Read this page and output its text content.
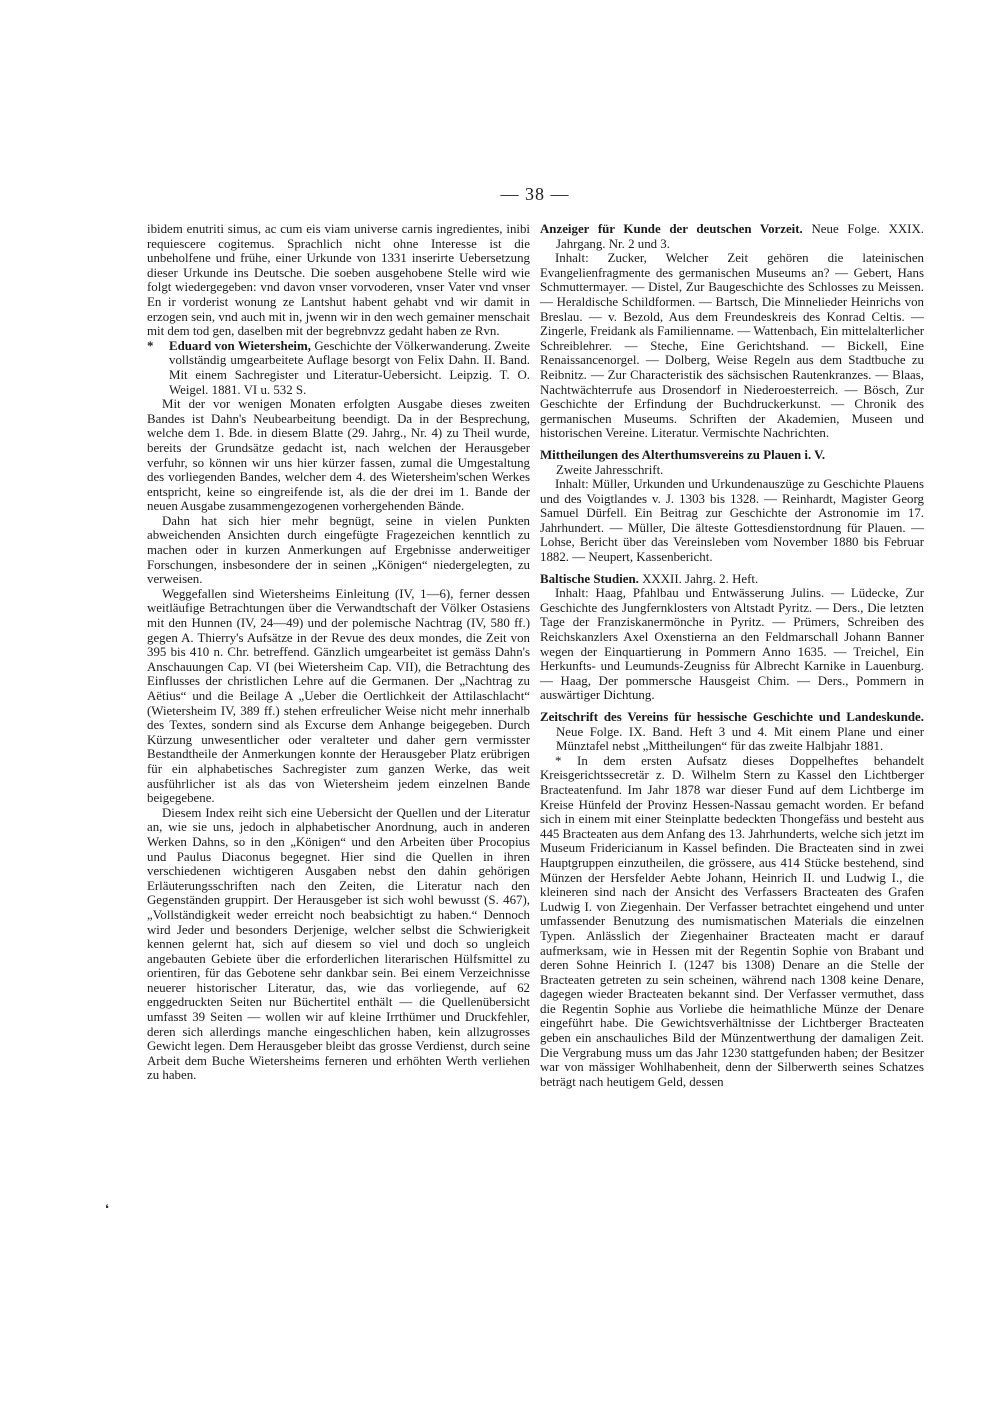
— 38 —

ibidem enutriti simus, ac cum eis viam universe carnis ingredientes, inibi requiescere cogitemus. Sprachlich nicht ohne Interesse ist die unbeholfene und frühe, einer Urkunde von 1331 inserirte Uebersetzung dieser Urkunde ins Deutsche. Die soeben ausgehobene Stelle wird wie folgt wiedergegeben: vnd davon vnser vorvoderen, vnser Vater vnd vnser En ir vorderist wonung ze Lantshut habent gehabt vnd wir damit in erzogen sein, vnd auch mit in, jwenn wir in den wech gemainer menschait mit dem tod gen, daselben mit der begrebnvzz gedaht haben ze Rvn.

* Eduard von Wietersheim, Geschichte der Völkerwanderung. Zweite vollständig umgearbeitete Auflage besorgt von Felix Dahn. II. Band. Mit einem Sachregister und Literatur-Uebersicht. Leipzig. T. O. Weigel. 1881. VI u. 532 S.

Mit der vor wenigen Monaten erfolgten Ausgabe dieses zweiten Bandes ist Dahn's Neubearbeitung beendigt. Da in der Besprechung, welche dem 1. Bde. in diesem Blatte (29. Jahrg., Nr. 4) zu Theil wurde, bereits der Grundsätze gedacht ist, nach welchen der Herausgeber verfuhr, so können wir uns hier kürzer fassen, zumal die Umgestaltung des vorliegenden Bandes, welcher dem 4. des Wietersheim'schen Werkes entspricht, keine so eingreifende ist, als die der drei im 1. Bande der neuen Ausgabe zusammengezogenen vorhergehenden Bände.

Dahn hat sich hier mehr begnügt, seine in vielen Punkten abweichenden Ansichten durch eingefügte Fragezeichen kenntlich zu machen oder in kurzen Anmerkungen auf Ergebnisse anderweitiger Forschungen, insbesondere der in seinen „Königen“ niedergelegten, zu verweisen.

Weggefallen sind Wietersheims Einleitung (IV, 1—6), ferner dessen weitläufige Betrachtungen über die Verwandtschaft der Völker Ostasiens mit den Hunnen (IV, 24—49) und der polemische Nachtrag (IV, 580 ff.) gegen A. Thierry's Aufsätze in der Revue des deux mondes, die Zeit von 395 bis 410 n. Chr. betreffend. Gänzlich umgearbeitet ist gemäss Dahn's Anschauungen Cap. VI (bei Wietersheim Cap. VII), die Betrachtung des Einflusses der christlichen Lehre auf die Germanen. Der „Nachtrag zu Aëtius“ und die Beilage A „Ueber die Oertlichkeit der Attilaschlacht“ (Wietersheim IV, 389 ff.) stehen erfreulicher Weise nicht mehr innerhalb des Textes, sondern sind als Excurse dem Anhange beigegeben. Durch Kürzung unwesentlicher oder veralteter und daher gern vermisster Bestandtheile der Anmerkungen konnte der Herausgeber Platz erübrigen für ein alphabetisches Sachregister zum ganzen Werke, das weit ausführlicher ist als das von Wietersheim jedem einzelnen Bande beigegebene.

Diesem Index reiht sich eine Uebersicht der Quellen und der Literatur an, wie sie uns, jedoch in alphabetischer Anordnung, auch in anderen Werken Dahns, so in den „Königen“ und den Arbeiten über Procopius und Paulus Diaconus begegnet. Hier sind die Quellen in ihren verschiedenen wichtigeren Ausgaben nebst den dahin gehörigen Erläuterungsschriften nach den Zeiten, die Literatur nach den Gegenständen gruppirt. Der Herausgeber ist sich wohl bewusst (S. 467), „Vollständigkeit weder erreicht noch beabsichtigt zu haben.“ Dennoch wird Jeder und besonders Derjenige, welcher selbst die Schwierigkeit kennen gelernt hat, sich auf diesem so viel und doch so ungleich angebauten Gebiete über die erforderlichen literarischen Hülfsmittel zu orientiren, für das Gebotene sehr dankbar sein. Bei einem Verzeichnisse neuerer historischer Literatur, das, wie das vorliegende, auf 62 enggedruckten Seiten nur Büchertitel enthält — die Quellenübersicht umfasst 39 Seiten — wollen wir auf kleine Irrthümer und Druckfehler, deren sich allerdings manche eingeschlichen haben, kein allzugrosses Gewicht legen. Dem Herausgeber bleibt das grosse Verdienst, durch seine Arbeit dem Buche Wietersheims ferneren und erhöhten Werth verliehen zu haben.

Anzeiger für Kunde der deutschen Vorzeit. Neue Folge. XXIX. Jahrgang. Nr. 2 und 3.

Inhalt: Zucker, Welcher Zeit gehören die lateinischen Evangelienfragmente des germanischen Museums an? — Gebert, Hans Schmuttermayer. — Distel, Zur Baugeschichte des Schlosses zu Meissen. — Heraldische Schildformen. — Bartsch, Die Minnelieder Heinrichs von Breslau. — v. Bezold, Aus dem Freundeskreis des Konrad Celtis. — Zingerle, Freidank als Familienname. — Wattenbach, Ein mittelalterlicher Schreiblehrer. — Steche, Eine Gerichtshand. — Bickell, Eine Renaissancenorgel. — Dolberg, Weise Regeln aus dem Stadtbuche zu Reibnitz. — Zur Characteristik des sächsischen Rautenkranzes. — Blaas, Nachtwächterrufe aus Drosendorf in Niederoesterreich. — Bösch, Zur Geschichte der Erfindung der Buchdruckerkunst. — Chronik des germanischen Museums. Schriften der Akademien, Museen und historischen Vereine. Literatur. Vermischte Nachrichten.

Mittheilungen des Alterthumsvereins zu Plauen i. V.

Zweite Jahresschrift.

Inhalt: Müller, Urkunden und Urkundenauszüge zu Geschichte Plauens und des Voigtlandes v. J. 1303 bis 1328. — Reinhardt, Magister Georg Samuel Dürfell. Ein Beitrag zur Geschichte der Astronomie im 17. Jahrhundert. — Müller, Die älteste Gottesdienstordnung für Plauen. — Lohse, Bericht über das Vereinsleben vom November 1880 bis Februar 1882. — Neupert, Kassenbericht.

Baltische Studien. XXXII. Jahrg. 2. Heft.

Inhalt: Haag, Pfahlbau und Entwässerung Julins. — Lüdecke, Zur Geschichte des Jungfernklosters von Altstadt Pyritz. — Ders., Die letzten Tage der Franziskanermönche in Pyritz. — Prümers, Schreiben des Reichskanzlers Axel Oxenstierna an den Feldmarschall Johann Banner wegen der Einquartierung in Pommern Anno 1635. — Treichel, Ein Herkunfts- und Leumunds-Zeugniss für Albrecht Karnike in Lauenburg. — Haag, Der pommersche Hausgeist Chim. — Ders., Pommern in auswärtiger Dichtung.

Zeitschrift des Vereins für hessische Geschichte und Landeskunde. Neue Folge. IX. Band. Heft 3 und 4. Mit einem Plane und einer Münztafel nebst „Mittheilungen“ für das zweite Halbjahr 1881.

* In dem ersten Aufsatz dieses Doppelheftes behandelt Kreisgerichtssecretär z. D. Wilhelm Stern zu Kassel den Lichtberger Bracteatenfund. Im Jahr 1878 war dieser Fund auf dem Lichtberge im Kreise Hünfeld der Provinz Hessen-Nassau gemacht worden. Er befand sich in einem mit einer Steinplatte bedeckten Thongefäss und besteht aus 445 Bracteaten aus dem Anfang des 13. Jahrhunderts, welche sich jetzt im Museum Fridericianum in Kassel befinden. Die Bracteaten sind in zwei Hauptgruppen einzutheilen, die grössere, aus 414 Stücke bestehend, sind Münzen der Hersfelder Aebte Johann, Heinrich II. und Ludwig I., die kleineren sind nach der Ansicht des Verfassers Bracteaten des Grafen Ludwig I. von Ziegenhain. Der Verfasser betrachtet eingehend und unter umfassender Benutzung des numismatischen Materials die einzelnen Typen. Anlässlich der Ziegenhainer Bracteaten macht er darauf aufmerksam, wie in Hessen mit der Regentin Sophie von Brabant und deren Sohne Heinrich I. (1247 bis 1308) Denare an die Stelle der Bracteaten getreten zu sein scheinen, während nach 1308 keine Denare, dagegen wieder Bracteaten bekannt sind. Der Verfasser vermuthet, dass die Regentin Sophie aus Vorliebe die heimathliche Münze der Denare eingeführt habe. Die Gewichtsverhältnisse der Lichtberger Bracteaten geben ein anschauliches Bild der Münzentwerthung der damaligen Zeit. Die Vergrabung muss um das Jahr 1230 stattgefunden haben; der Besitzer war von mässiger Wohlhabenheit, denn der Silberwerth seines Schatzes beträgt nach heutigem Geld, dessen

❛
